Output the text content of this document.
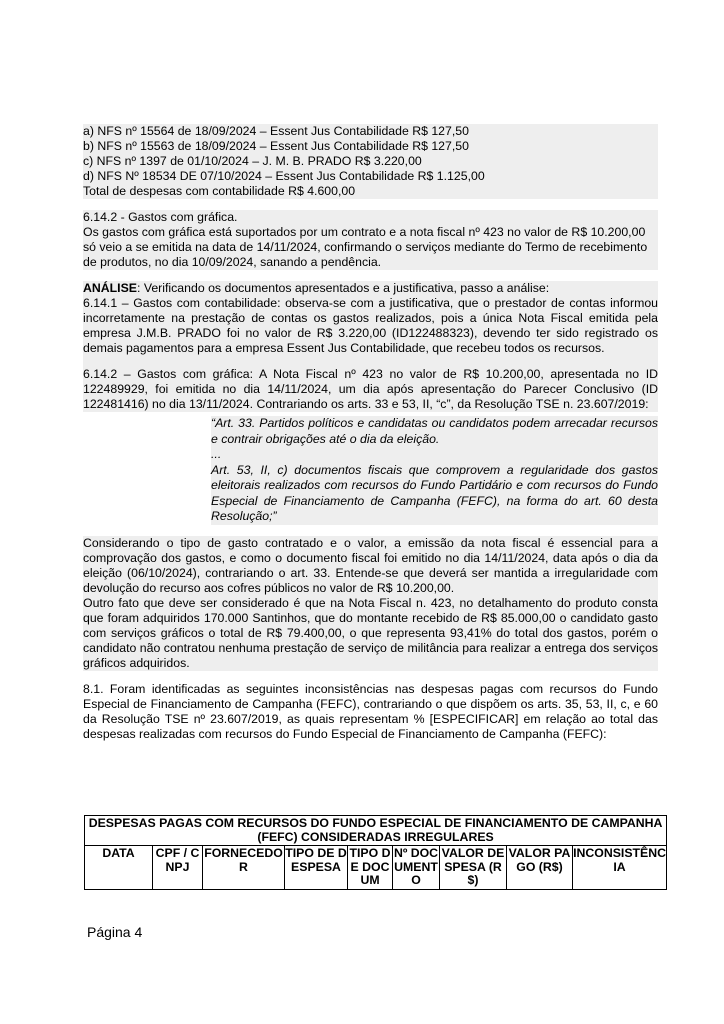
a) NFS nº 15564 de 18/09/2024 – Essent Jus Contabilidade R$ 127,50
b) NFS nº 15563 de 18/09/2024 – Essent Jus Contabilidade R$ 127,50
c) NFS nº 1397 de 01/10/2024 – J. M. B. PRADO R$ 3.220,00
d) NFS Nº 18534 DE 07/10/2024 – Essent Jus Contabilidade R$ 1.125,00
Total de despesas com contabilidade R$ 4.600,00
6.14.2 - Gastos com gráfica.

Os gastos com gráfica está suportados por um contrato e a nota fiscal nº 423 no valor de R$ 10.200,00 só veio a se emitida na data de 14/11/2024, confirmando o serviços mediante do Termo de recebimento de produtos, no dia 10/09/2024, sanando a pendência.

ANÁLISE: Verificando os documentos apresentados e a justificativa, passo a análise:

6.14.1 – Gastos com contabilidade: observa-se com a justificativa, que o prestador de contas informou incorretamente na prestação de contas os gastos realizados, pois a única Nota Fiscal emitida pela empresa J.M.B. PRADO foi no valor de R$ 3.220,00 (ID122488323), devendo ter sido registrado os demais pagamentos para a empresa Essent Jus Contabilidade, que recebeu todos os recursos.

6.14.2 – Gastos com gráfica: A Nota Fiscal nº 423 no valor de R$ 10.200,00, apresentada no ID 122489929, foi emitida no dia 14/11/2024, um dia após apresentação do Parecer Conclusivo (ID 122481416) no dia 13/11/2024. Contrariando os arts. 33 e 53, II, “c”, da Resolução TSE n. 23.607/2019:

“Art. 33. Partidos políticos e candidatas ou candidatos podem arrecadar recursos e contrair obrigações até o dia da eleição.
...
Art. 53, II, c) documentos fiscais que comprovem a regularidade dos gastos eleitorais realizados com recursos do Fundo Partidário e com recursos do Fundo Especial de Financiamento de Campanha (FEFC), na forma do art. 60 desta Resolução;”

Considerando o tipo de gasto contratado e o valor, a emissão da nota fiscal é essencial para a comprovação dos gastos, e como o documento fiscal foi emitido no dia 14/11/2024, data após o dia da eleição (06/10/2024), contrariando o art. 33. Entende-se que deverá ser mantida a irregularidade com devolução do recurso aos cofres públicos no valor de R$ 10.200,00.

Outro fato que deve ser considerado é que na Nota Fiscal n. 423, no detalhamento do produto consta que foram adquiridos 170.000 Santinhos, que do montante recebido de R$ 85.000,00 o candidato gasto com serviços gráficos o total de R$ 79.400,00, o que representa 93,41% do total dos gastos, porém o candidato não contratou nenhuma prestação de serviço de militância para realizar a entrega dos serviços gráficos adquiridos.

8.1. Foram identificadas as seguintes inconsistências nas despesas pagas com recursos do Fundo Especial de Financiamento de Campanha (FEFC), contrariando o que dispõem os arts. 35, 53, II, c, e 60 da Resolução TSE nº 23.607/2019, as quais representam % [ESPECIFICAR] em relação ao total das despesas realizadas com recursos do Fundo Especial de Financiamento de Campanha (FEFC):

DESPESAS PAGAS COM RECURSOS DO FUNDO ESPECIAL DE FINANCIAMENTO DE CAMPANHA (FEFC) CONSIDERADAS IRREGULARES
DATA	CPF / CNPJ	FORNECEDOR	TIPO DE DESPESA	TIPO DE DOCUM	Nº DOCUMENTO	VALOR DESPESA (R$)	VALOR PAGO (R$)	INCONSISTÊNCIA
Página 4
